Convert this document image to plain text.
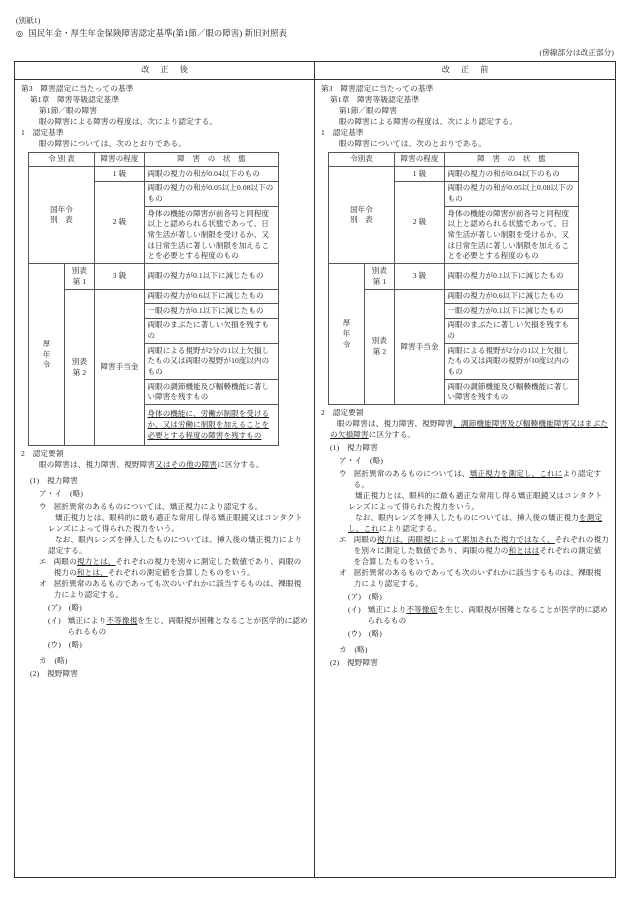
(別紙1)
◎ 国民年金・厚生年金保険障害認定基準(第1節／眼の障害) 新旧対照表
(傍線部分は改正部分)
改正後
第3　障害認定に当たっての基準
第1章　障害等級認定基準
第1節／眼の障害
眼の障害による障害の程度は、次により認定する。
1　認定基準
眼の障害については、次のとおりである。
令 別 表		障害の程度	障　害　の　状　態
国年令
別　表		1 級	両眼の視力の和が0.04以下のもの
		2 級	両眼の視力の和が0.05以上0.08以下のもの
			身体の機能の障害が前各号と同程度以上と認められる状態であって、日常生活が著しい制限を受けるか、又は日常生活に著しい制限を加えることを必要とする程度のもの
厚
年
令	別表
第 1	3 級	両眼の視力が0.1以下に減じたもの
	別表
第 2	障害手当金	両眼の視力が0.6以下に減じたもの
			一眼の視力が0.1以下に減じたもの
			両眼のまぶたに著しい欠損を残すもの
			両眼による視野が2分の1以上欠損したもの又は両眼の視野が10度以内のもの
			両眼の調節機能及び輻輳機能に著しい障害を残すもの
			身体の機能に、労働が制限を受けるか、又は労働に制限を加えることを必要とする程度の障害を残すもの
2　認定要領
眼の障害は、視力障害、視野障害又はその他の障害に区分する。
(1)　視力障害
ア・イ　(略)
ウ 屈折異常のあるものについては、矯正視力により認定する。
矯正視力とは、眼科的に最も適正な常用し得る矯正眼鏡又はコンタクトレンズによって得られた視力をいう。
なお、眼内レンズを挿入したものについては、挿入後の矯正視力により認定する。
エ 両眼の視力とは、それぞれの視力を別々に測定した数値であり、両眼の視力の和とは、それぞれの測定値を合算したものをいう。
オ 屈折異常のあるものであっても次のいずれかに該当するものは、裸眼視力により認定する。
(ア)　(略)
(イ) 矯正により不等像視を生じ、両眼視が困難となることが医学的に認められるもの
(ウ)　(略)
カ　(略)
(2)　視野障害
改正前
第3　障害認定に当たっての基準
第1章　障害等級認定基準
第1節／眼の障害
眼の障害による障害の程度は、次により認定する。
1　認定基準
眼の障害については、次のとおりである。
令別表		障害の程度	障　害　の　状　態
国年令
別　表		1 級	両眼の視力の和が0.04以下のもの
		2 級	両眼の視力の和が0.05以上0.08以下のもの
			身体の機能の障害が前各号と同程度以上と認められる状態であって、日常生活が著しい制限を受けるか、又は日常生活に著しい制限を加えることを必要とする程度のもの
厚
年
令	別表
第 1	3 級	両眼の視力が0.1以下に減じたもの
	別表
第 2	障害手当金	両眼の視力が0.6以下に減じたもの
			一眼の視力が0.1以下に減じたもの
			両眼のまぶたに著しい欠損を残すもの
			両眼による視野が2分の1以上欠損したもの又は両眼の視野が10度以内のもの
			両眼の調節機能及び輻輳機能に著しい障害を残すもの
2　認定要領
眼の障害は、視力障害、視野障害、調節機能障害及び輻輳機能障害又はまぶたの欠損障害に区分する。
(1)　視力障害
ア・イ　(略)
ウ 屈折異常のあるものについては、矯正視力を測定し、これにより認定する。
矯正視力とは、眼科的に最も適正な常用し得る矯正眼鏡又はコンタクトレンズによって得られた視力をいう。
なお、眼内レンズを挿入したものについては、挿入後の矯正視力を測定し、これにより認定する。
エ 両眼の視力は、両眼視によって累加された視力ではなく、それぞれの視力を別々に測定した数値であり、両眼の視力の和とははそれぞれの測定値を合算したものをいう。
オ 屈折異常のあるものであっても次のいずれかに該当するものは、裸眼視力により認定する。
(ア)　(略)
(イ) 矯正により不等像症を生じ、両眼視が困難となることが医学的に認められるもの
(ウ)　(略)
カ　(略)
(2)　視野障害
